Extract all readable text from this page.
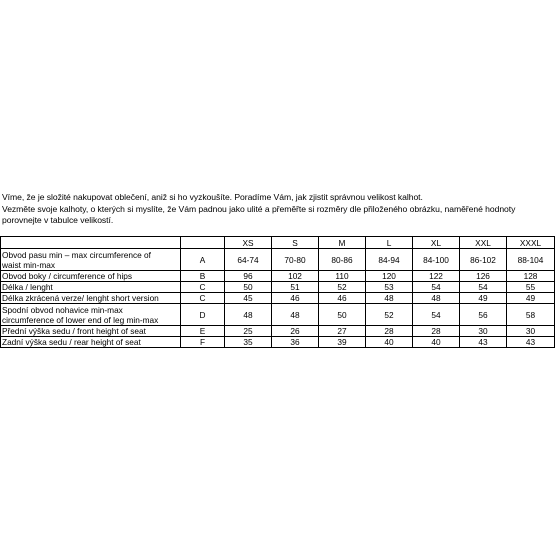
Víme, že je složité nakupovat oblečení, aniž si ho vyzkoušíte. Poradíme Vám, jak zjistit správnou velikost kalhot.

Vezměte svoje kalhoty, o kterých si myslíte, že Vám padnou jako ulité a přeměřte si rozměry dle přiloženého obrázku, naměřené hodnoty

porovnejte v tabulce velikostí.

		XS	S	M	L	XL	XXL	XXXL
Obvod pasu min – max circumference of
waist min-max	A	64-74	70-80	80-86	84-94	84-100	86-102	88-104
Obvod boky / circumference of hips	B	96	102	110	120	122	126	128
Délka / lenght	C	50	51	52	53	54	54	55
Délka zkrácená verze/ lenght short version	C	45	46	46	48	48	49	49
Spodní obvod nohavice min-max
circumference of lower end of leg min-max	D	48	48	50	52	54	56	58
Přední výška sedu / front height of seat	E	25	26	27	28	28	30	30
Zadní výška sedu / rear height of seat	F	35	36	39	40	40	43	43
